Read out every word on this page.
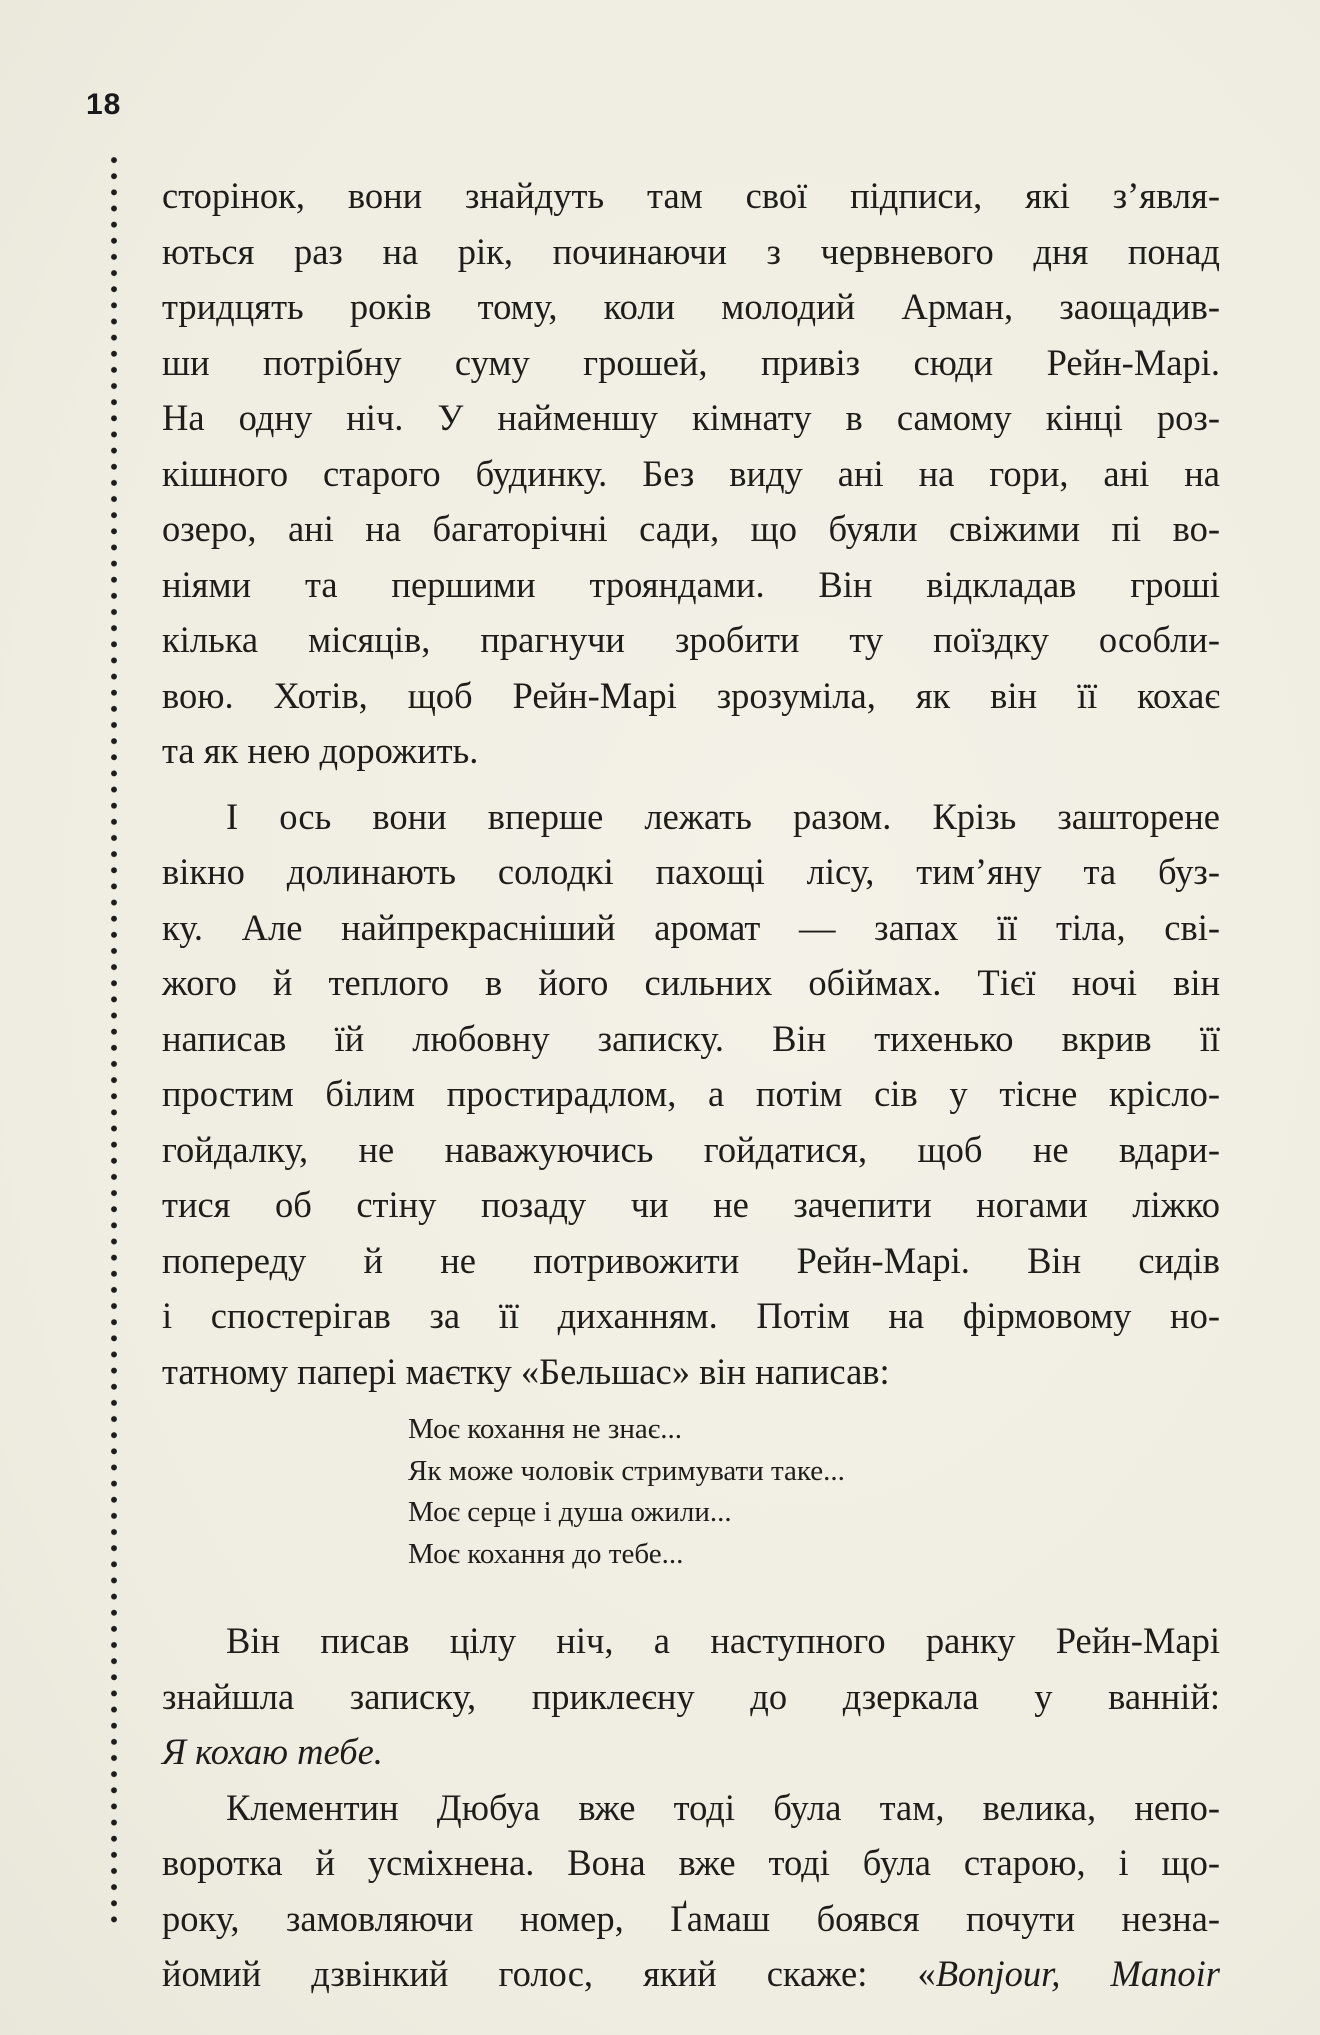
18
сторінок, вони знайдуть там свої підписи, які з’явля-
ються раз на рік, починаючи з червневого дня понад
тридцять років тому, коли молодий Арман, заощадив-
ши потрібну суму грошей, привіз сюди Рейн-Марі.
На одну ніч. У найменшу кімнату в самому кінці роз-
кішного старого будинку. Без виду ані на гори, ані на
озеро, ані на багаторічні сади, що буяли свіжими пі во-
ніями та першими трояндами. Він відкладав гроші
кілька місяців, прагнучи зробити ту поїздку особли-
вою. Хотів, щоб Рейн-Марі зрозуміла, як він її кохає
та як нею дорожить.
І ось вони вперше лежать разом. Крізь зашторене
вікно долинають солодкі пахощі лісу, тим’яну та буз-
ку. Але найпрекрасніший аромат — запах її тіла, сві-
жого й теплого в його сильних обіймах. Тієї ночі він
написав їй любовну записку. Він тихенько вкрив її
простим білим простирадлом, а потім сів у тісне крісло-
гойдалку, не наважуючись гойдатися, щоб не вдари-
тися об стіну позаду чи не зачепити ногами ліжко
попереду й не потривожити Рейн-Марі. Він сидів
і спостерігав за її диханням. Потім на фірмовому но-
татному папері маєтку «Бельшас» він написав:
Моє кохання не знає...
Як може чоловік стримувати таке...
Моє серце і душа ожили...
Моє кохання до тебе...
Він писав цілу ніч, а наступного ранку Рейн-Марі
знайшла записку, приклеєну до дзеркала у ванній:
Я кохаю тебе.
Клементин Дюбуа вже тоді була там, велика, непо-
воротка й усміхнена. Вона вже тоді була старою, і що-
року, замовляючи номер, Ґамаш боявся почути незна-
йомий дзвінкий голос, який скаже: «Bonjour, Manoir
